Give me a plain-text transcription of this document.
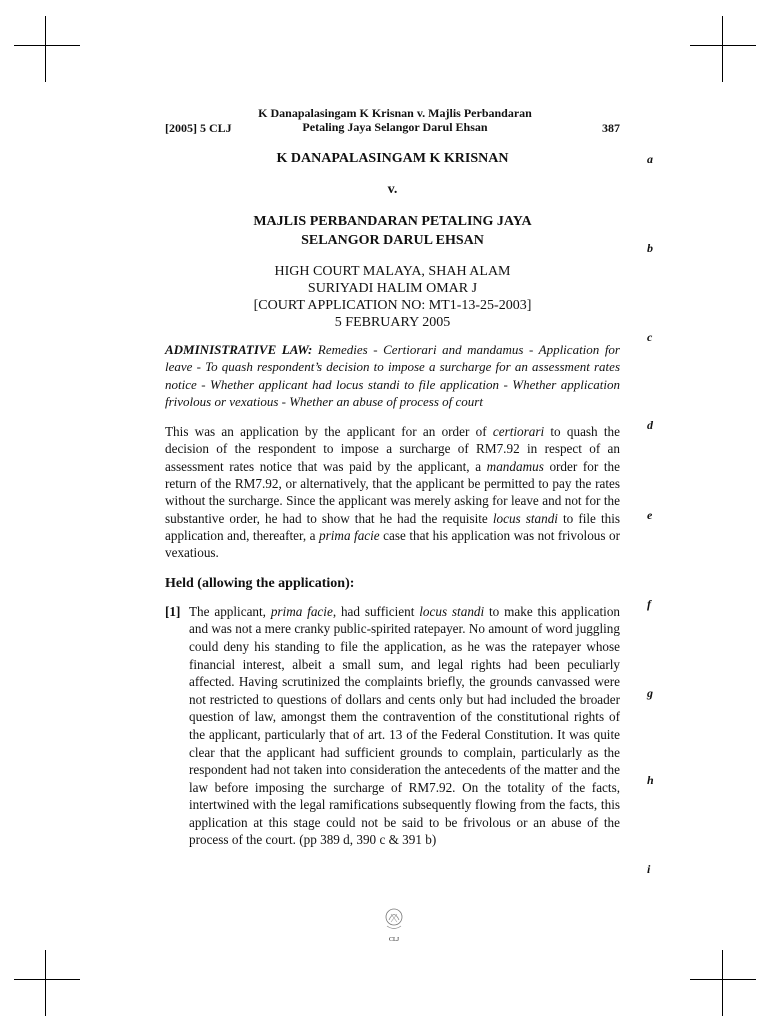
[2005] 5 CLJ
K Danapalasingam K Krisnan v. Majlis Perbandaran
Petaling Jaya Selangor Darul Ehsan	387

K DANAPALASINGAM K KRISNAN

v.

MAJLIS PERBANDARAN PETALING JAYA
SELANGOR DARUL EHSAN
HIGH COURT MALAYA, SHAH ALAM
SURIYADI HALIM OMAR J
[COURT APPLICATION NO: MT1-13-25-2003]
5 FEBRUARY 2005

ADMINISTRATIVE LAW: Remedies - Certiorari and mandamus - Application for leave - To quash respondent’s decision to impose a surcharge for an assessment rates notice - Whether applicant had locus standi to file application - Whether application frivolous or vexatious - Whether an abuse of process of court

This was an application by the applicant for an order of certiorari to quash the decision of the respondent to impose a surcharge of RM7.92 in respect of an assessment rates notice that was paid by the applicant, a mandamus order for the return of the RM7.92, or alternatively, that the applicant be permitted to pay the rates without the surcharge. Since the applicant was merely asking for leave and not for the substantive order, he had to show that he had the requisite locus standi to file this application and, thereafter, a prima facie case that his application was not frivolous or vexatious.

Held (allowing the application):
[1] The applicant, prima facie, had sufficient locus standi to make this application and was not a mere cranky public-spirited ratepayer. No amount of word juggling could deny his standing to file the application, as he was the ratepayer whose financial interest, albeit a small sum, and legal rights had been peculiarly affected. Having scrutinized the complaints briefly, the grounds canvassed were not restricted to questions of dollars and cents only but had included the broader question of law, amongst them the contravention of the constitutional rights of the applicant, particularly that of art. 13 of the Federal Constitution. It was quite clear that the applicant had sufficient grounds to complain, particularly as the respondent had not taken into consideration the antecedents of the matter and the law before imposing the surcharge of RM7.92. On the totality of the facts, intertwined with the legal ramifications subsequently flowing from the facts, this application at this stage could not be said to be frivolous or an abuse of the process of the court. (pp 389 d, 390 c & 391 b)
a
b
c
d
e
f
g
h
i
CLJ
